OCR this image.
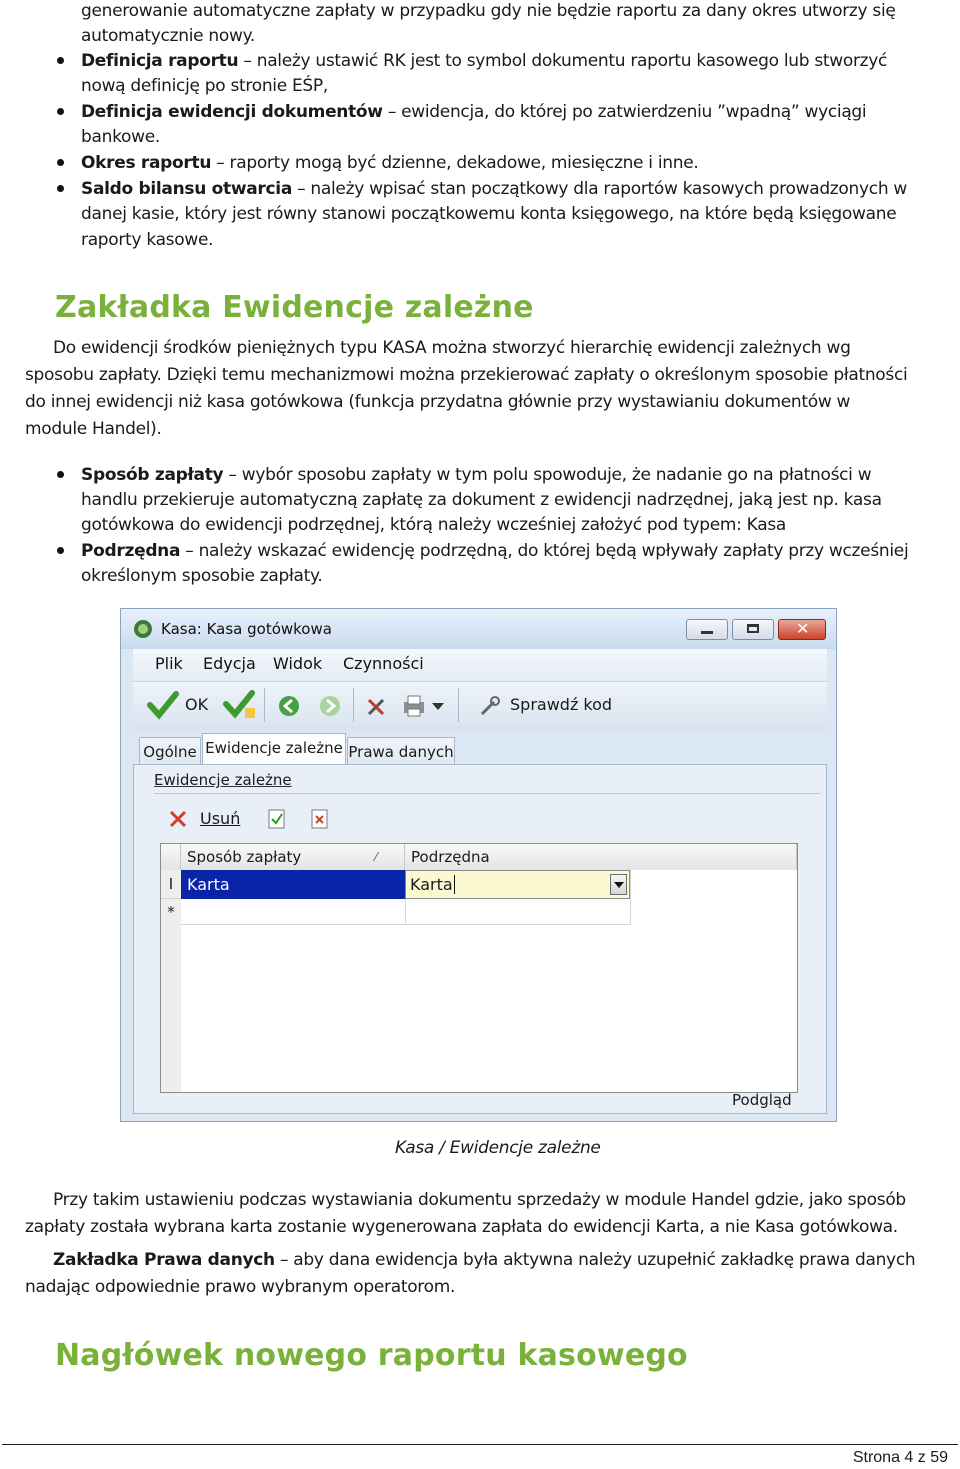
generowanie automatyczne zapłaty w przypadku gdy nie będzie raportu za dany okres utworzy się
automatycznie nowy.
Definicja raportu – należy ustawić RK jest to symbol dokumentu raportu kasowego lub stworzyć
nową definicję po stronie EŚP,
Definicja ewidencji dokumentów – ewidencja, do której po zatwierdzeniu ”wpadną” wyciągi
bankowe.
Okres raportu – raporty mogą być dzienne, dekadowe, miesięczne i inne.
Saldo bilansu otwarcia – należy wpisać stan początkowy dla raportów kasowych prowadzonych w
danej kasie, który jest równy stanowi początkowemu konta księgowego, na które będą księgowane
raporty kasowe.
Zakładka Ewidencje zależne
Do ewidencji środków pieniężnych typu KASA można stworzyć hierarchię ewidencji zależnych wg
sposobu zapłaty. Dzięki temu mechanizmowi można przekierować zapłaty o określonym sposobie płatności
do innej ewidencji niż kasa gotówkowa (funkcja przydatna głównie przy wystawianiu dokumentów w
module Handel).
Sposób zapłaty – wybór sposobu zapłaty w tym polu spowoduje, że nadanie go na płatności w
handlu przekieruje automatyczną zapłatę za dokument z ewidencji nadrzędnej, jaką jest np. kasa
gotówkowa do ewidencji podrzędnej, którą należy wcześniej założyć pod typem: Kasa
Podrzędna – należy wskazać ewidencję podrzędną, do której będą wpływały zapłaty przy wcześniej
określonym sposobie zapłaty.
Kasa: Kasa gotówkowa	✕
Plik Edycja Widok Czynności
OK	Sprawdź kod
Ogólne Ewidencje zależne Prawa danych
Ewidencje zależne
Usuń
Sposób zapłaty	⁄	Podrzędna
I Karta	Karta
*
Podgląd
Kasa / Ewidencje zależne
Przy takim ustawieniu podczas wystawiania dokumentu sprzedaży w module Handel gdzie, jako sposób
zapłaty została wybrana karta zostanie wygenerowana zapłata do ewidencji Karta, a nie Kasa gotówkowa.
Zakładka Prawa danych – aby dana ewidencja była aktywna należy uzupełnić zakładkę prawa danych
nadając odpowiednie prawo wybranym operatorom.
Nagłówek nowego raportu kasowego
Strona 4 z 59
